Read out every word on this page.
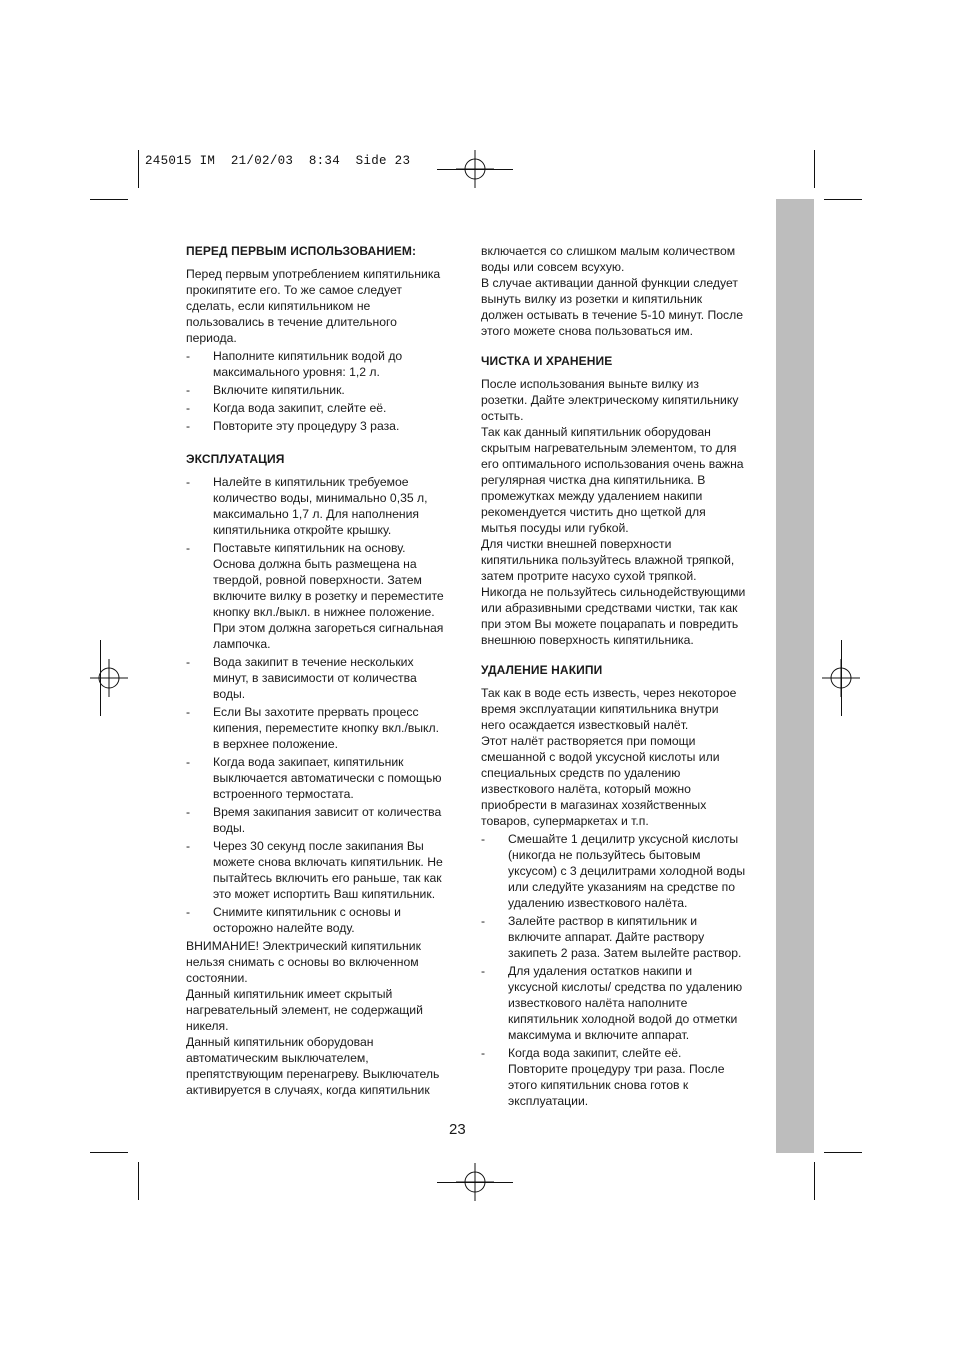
245015 IM  21/02/03  8:34  Side 23
ПЕРЕД ПЕРВЫМ ИСПОЛЬЗОВАНИЕМ:
Перед первым употреблением кипятильника
прокипятите его. То же самое следует
сделать, если кипятильником не
пользовались в течение длительного
периода.
- Наполните кипятильник водой до
максимального уровня: 1,2 л.
- Включите кипятильник.
- Когда вода закипит, слейте её.
- Повторите эту процедуру 3 раза.
ЭКСПЛУАТАЦИЯ
- Налейте в кипятильник требуемое
количество воды, минимально 0,35 л,
максимально 1,7 л. Для наполнения
кипятильника откройте крышку.
- Поставьте кипятильник на основу.
Основа должна быть размещена на
твердой, ровной поверхности. Затем
включите вилку в розетку и переместите
кнопку вкл./выкл. в нижнее положение.
При этом должна загореться сигнальная
лампочка.
- Вода закипит в течение нескольких
минут, в зависимости от количества
воды.
- Если Вы захотите прервать процесс
кипения, переместите кнопку вкл./выкл.
в верхнее положение.
- Когда вода закипает, кипятильник
выключается автоматически с помощью
встроенного термостата.
- Время закипания зависит от количества
воды.
- Через 30 секунд после закипания Вы
можете снова включать кипятильник. Не
пытайтесь включить его раньше, так как
это может испортить Ваш кипятильник.
- Снимите кипятильник с основы и
осторожно налейте воду.
ВНИМАНИЕ! Электрический кипятильник
нельзя снимать с основы во включенном
состоянии.
Данный кипятильник имеет скрытый
нагревательный элемент, не содержащий
никеля.
Данный кипятильник оборудован
автоматическим выключателем,
препятствующим перенагреву. Выключатель
активируется в случаях, когда кипятильник
включается со слишком малым количеством
воды или совсем всухую.
В случае активации данной функции следует
вынуть вилку из розетки и кипятильник
должен остывать в течение 5-10 минут. После
этого можете снова пользоваться им.
ЧИСТКА И ХРАНЕНИЕ
После использования выньте вилку из
розетки. Дайте электрическому кипятильнику
остыть.
Так как данный кипятильник оборудован
скрытым нагревательным элементом, то для
его оптимального использования очень важна
регулярная чистка дна кипятильника. В
промежутках между удалением накипи
рекомендуется чистить дно щеткой для
мытья посуды или губкой.
Для чистки внешней поверхности
кипятильника пользуйтесь влажной тряпкой,
затем протрите насухо сухой тряпкой.
Никогда не пользуйтесь сильнодействующими
или абразивными средствами чистки, так как
при этом Вы можете поцарапать и повредить
внешнюю поверхность кипятильника.
УДАЛЕНИЕ НАКИПИ
Так как в воде есть известь, через некоторое
время эксплуатации кипятильника внутри
него осаждается известковый налёт.
Этот налёт растворяется при помощи
смешанной с водой уксусной кислоты или
специальных средств по удалению
известкового налёта, который можно
приобрести в магазинах хозяйственных
товаров, супермаркетах и т.п.
- Смешайте 1 децилитр уксусной кислоты
(никогда не пользуйтесь бытовым
уксусом) с 3 децилитрами холодной воды
или следуйте указаниям на средстве по
удалению известкового налёта.
- Залейте раствор в кипятильник и
включите аппарат. Дайте раствору
закипеть 2 раза. Затем вылейте раствор.
- Для удаления остатков накипи и
уксусной кислоты/ средства по удалению
известкового налёта наполните
кипятильник холодной водой до отметки
максимума и включите аппарат.
- Когда вода закипит, слейте её.
Повторите процедуру три раза. После
этого кипятильник снова готов к
эксплуатации.
23
